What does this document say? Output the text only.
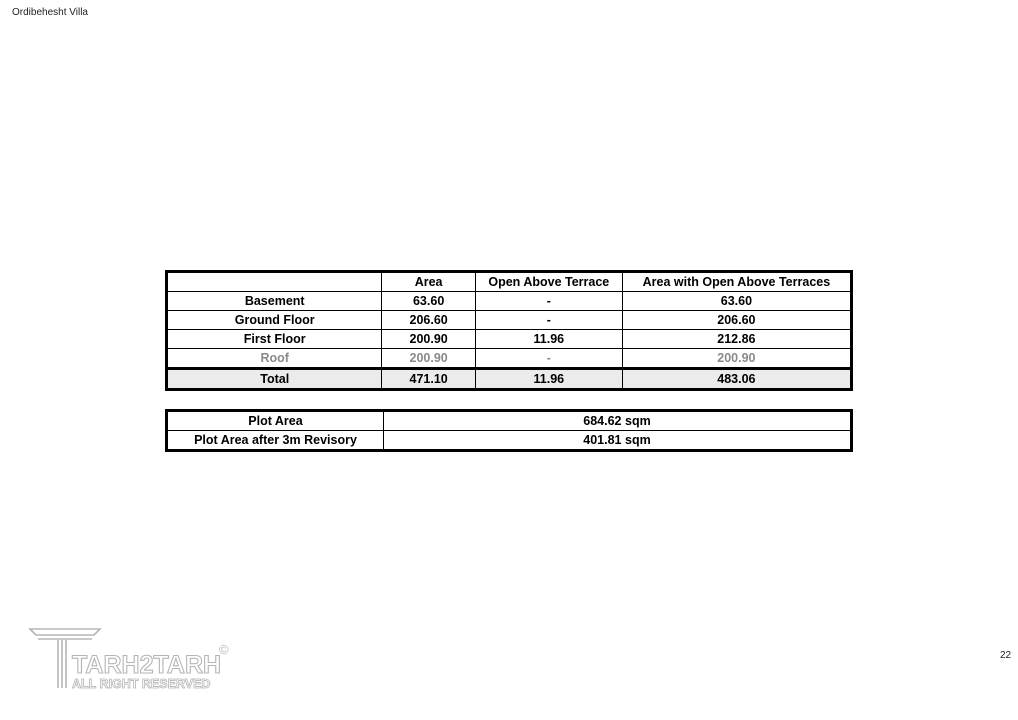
Ordibehesht Villa
	Area	Open Above Terrace	Area with Open Above Terraces
Basement	63.60	-	63.60
Ground Floor	206.60	-	206.60
First Floor	200.90	11.96	212.86
Roof	200.90	-	200.90
Total	471.10	11.96	483.06
Plot Area	684.62 sqm
Plot Area after 3m Revisory	401.81 sqm
TARH2TARH
ALL RIGHT RESERVED
©	22
